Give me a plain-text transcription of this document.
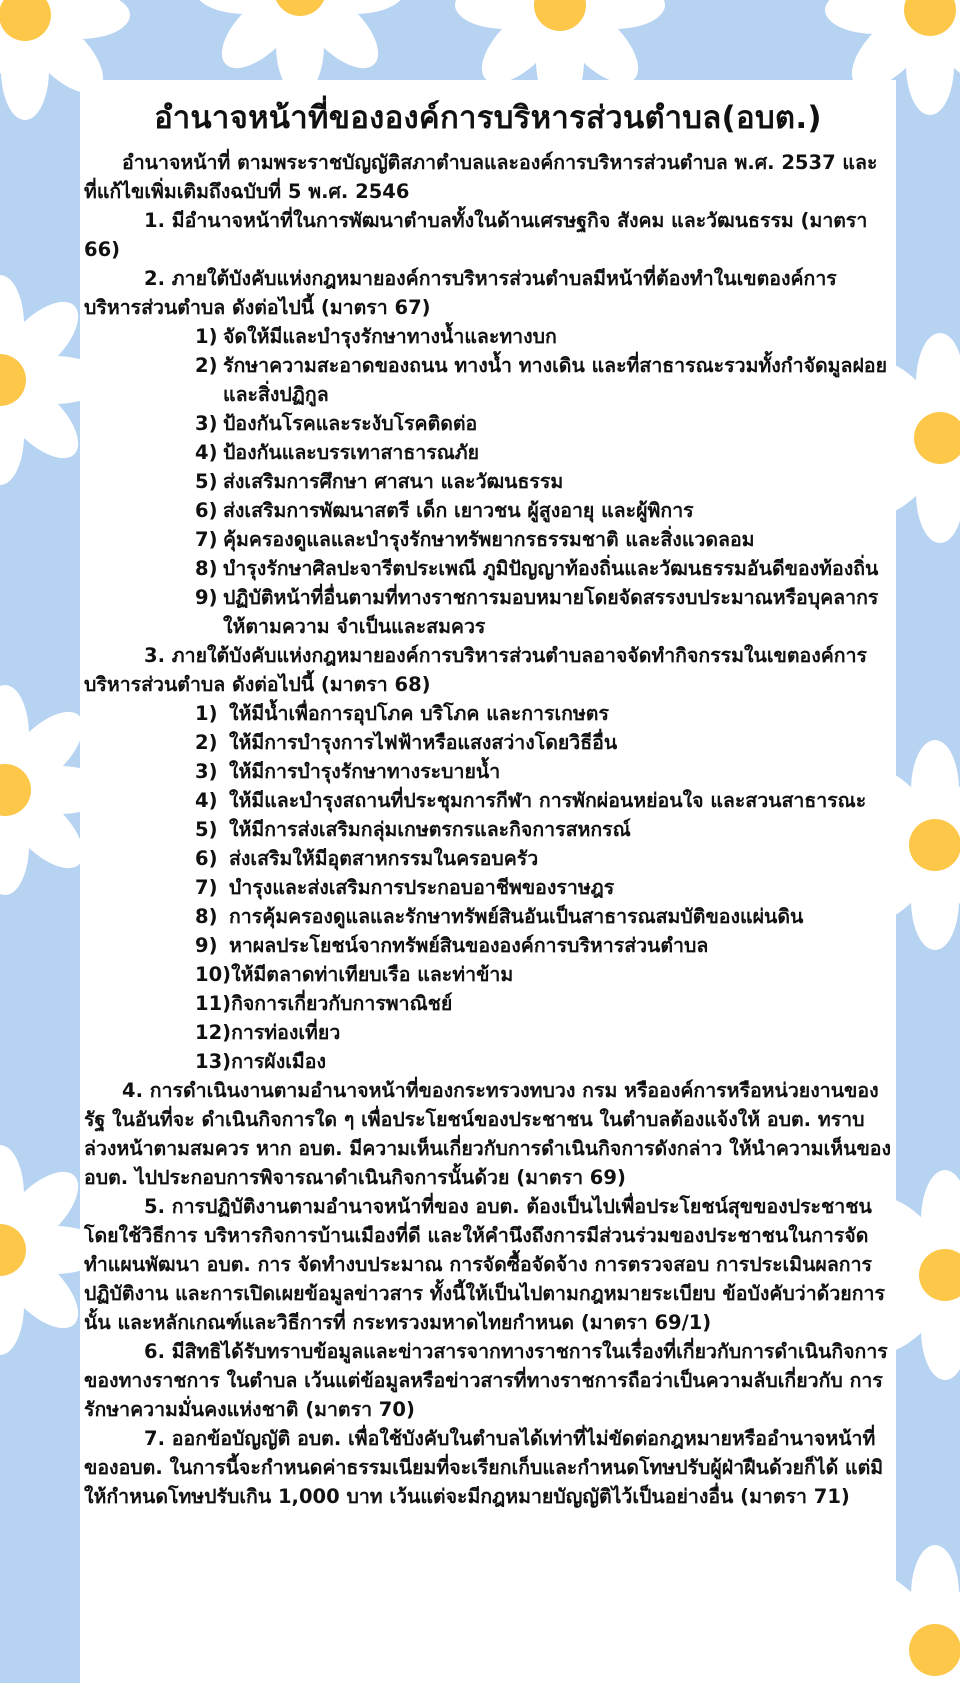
อำนาจหน้าที่ขององค์การบริหารส่วนตำบล(อบต.)

อำนาจหน้าที่ ตามพระราชบัญญัติสภาตำบลและองค์การบริหารส่วนตำบล พ.ศ. 2537 และ ที่แก้ไขเพิ่มเติมถึงฉบับที่ 5 พ.ศ. 2546

1. มีอำนาจหน้าที่ในการพัฒนาตำบลทั้งในด้านเศรษฐกิจ สังคม และวัฒนธรรม (มาตรา 66)

2. ภายใต้บังคับแห่งกฎหมายองค์การบริหารส่วนตำบลมีหน้าที่ต้องทำในเขตองค์การบริหารส่วนตำบล ดังต่อไปนี้ (มาตรา 67)

1) จัดให้มีและบำรุงรักษาทางน้ำและทางบก
2) รักษาความสะอาดของถนน ทางน้ำ ทางเดิน และที่สาธารณะรวมทั้งกำจัดมูลฝอยและสิ่งปฏิกูล
3) ป้องกันโรคและระงับโรคติดต่อ
4) ป้องกันและบรรเทาสาธารณภัย
5) ส่งเสริมการศึกษา ศาสนา และวัฒนธรรม
6) ส่งเสริมการพัฒนาสตรี เด็ก เยาวชน ผู้สูงอายุ และผู้พิการ
7) คุ้มครองดูแลและบำรุงรักษาทรัพยากรธรรมชาติ และสิ่งแวดลอม
8) บำรุงรักษาศิลปะจารีตประเพณี ภูมิปัญญาท้องถิ่นและวัฒนธรรมอันดีของท้องถิ่น
9) ปฏิบัติหน้าที่อื่นตามที่ทางราชการมอบหมายโดยจัดสรรงบประมาณหรือบุคลากร ให้ตามความ จำเป็นและสมควร

3. ภายใต้บังคับแห่งกฎหมายองค์การบริหารส่วนตำบลอาจจัดทำกิจกรรมในเขตองค์การบริหารส่วนตำบล ดังต่อไปนี้ (มาตรา 68)

1) ให้มีน้ำเพื่อการอุปโภค บริโภค และการเกษตร
2) ให้มีการบำรุงการไฟฟ้าหรือแสงสว่างโดยวิธีอื่น
3) ให้มีการบำรุงรักษาทางระบายน้ำ
4) ให้มีและบำรุงสถานที่ประชุมการกีฬา การพักผ่อนหย่อนใจ และสวนสาธารณะ
5) ให้มีการส่งเสริมกลุ่มเกษตรกรและกิจการสหกรณ์
6) ส่งเสริมให้มีอุตสาหกรรมในครอบครัว
7) บำรุงและส่งเสริมการประกอบอาชีพของราษฎร
8) การคุ้มครองดูแลและรักษาทรัพย์สินอันเป็นสาธารณสมบัติของแผ่นดิน
9) หาผลประโยชน์จากทรัพย์สินขององค์การบริหารส่วนตำบล
10)ให้มีตลาดท่าเทียบเรือ และท่าข้าม
11)กิจการเกี่ยวกับการพาณิชย์
12)การท่องเที่ยว
13)การผังเมือง

4. การดำเนินงานตามอำนาจหน้าที่ของกระทรวงทบวง กรม หรือองค์การหรือหน่วยงานของรัฐ ในอันที่จะ ดำเนินกิจการใด ๆ เพื่อประโยชน์ของประชาชน ในตำบลต้องแจ้งให้ อบต. ทราบล่วงหน้าตามสมควร หาก อบต. มีความเห็นเกี่ยวกับการดำเนินกิจการดังกล่าว ให้นำความเห็นของ อบต. ไปประกอบการพิจารณาดำเนินกิจการนั้นด้วย (มาตรา 69)

5. การปฏิบัติงานตามอำนาจหน้าที่ของ อบต. ต้องเป็นไปเพื่อประโยชน์สุขของประชาชน โดยใช้วิธีการ บริหารกิจการบ้านเมืองที่ดี และให้คำนึงถึงการมีส่วนร่วมของประชาชนในการจัดทำแผนพัฒนา อบต. การ จัดทำงบประมาณ การจัดซื้อจัดจ้าง การตรวจสอบ การประเมินผลการปฏิบัติงาน และการเปิดเผยข้อมูลข่าวสาร ทั้งนี้ให้เป็นไปตามกฎหมายระเบียบ ข้อบังคับว่าด้วยการนั้น และหลักเกณฑ์และวิธีการที่ กระทรวงมหาดไทยกำหนด (มาตรา 69/1)

6. มีสิทธิได้รับทราบข้อมูลและข่าวสารจากทางราชการในเรื่องที่เกี่ยวกับการดำเนินกิจการ ของทางราชการ ในตำบล เว้นแต่ข้อมูลหรือข่าวสารที่ทางราชการถือว่าเป็นความลับเกี่ยวกับ การรักษาความมั่นคงแห่งชาติ (มาตรา 70)

7. ออกข้อบัญญัติ อบต. เพื่อใช้บังคับในตำบลได้เท่าที่ไม่ขัดต่อกฎหมายหรืออำนาจหน้าที่ของอบต. ในการนี้จะกำหนดค่าธรรมเนียมที่จะเรียกเก็บและกำหนดโทษปรับผู้ฝ่าฝืนด้วยก็ได้ แต่มิให้กำหนดโทษปรับเกิน 1,000 บาท เว้นแต่จะมีกฎหมายบัญญัติไว้เป็นอย่างอื่น (มาตรา 71)
